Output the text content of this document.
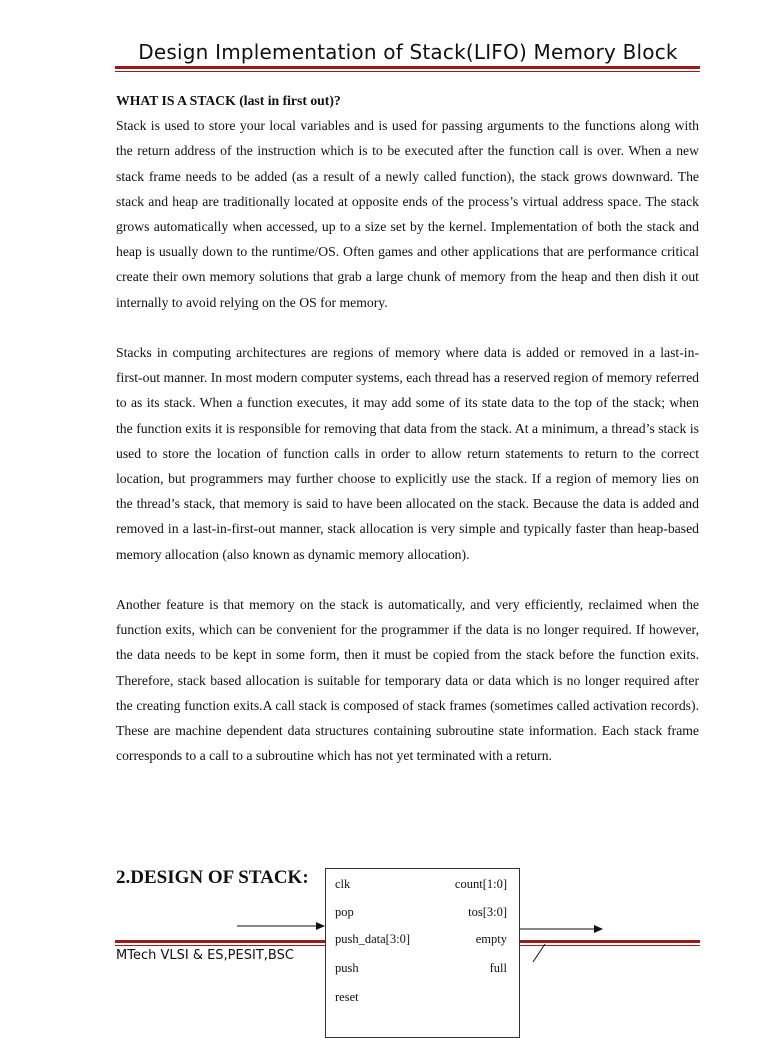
Design Implementation of Stack(LIFO) Memory Block
WHAT IS A STACK (last in first out)?

Stack is used to store your local variables and is used for passing arguments to the functions along with the return address of the instruction which is to be executed after the function call is over. When a new stack frame needs to be added (as a result of a newly called function), the stack grows downward. The stack and heap are traditionally located at opposite ends of the process’s virtual address space. The stack grows automatically when accessed, up to a size set by the kernel. Implementation of both the stack and heap is usually down to the runtime/OS. Often games and other applications that are performance critical create their own memory solutions that grab a large chunk of memory from the heap and then dish it out internally to avoid relying on the OS for memory.

Stacks in computing architectures are regions of memory where data is added or removed in a last-in-first-out manner. In most modern computer systems, each thread has a reserved region of memory referred to as its stack. When a function executes, it may add some of its state data to the top of the stack; when the function exits it is responsible for removing that data from the stack. At a minimum, a thread’s stack is used to store the location of function calls in order to allow return statements to return to the correct location, but programmers may further choose to explicitly use the stack. If a region of memory lies on the thread’s stack, that memory is said to have been allocated on the stack. Because the data is added and removed in a last-in-first-out manner, stack allocation is very simple and typically faster than heap-based memory allocation (also known as dynamic memory allocation).

Another feature is that memory on the stack is automatically, and very efficiently, reclaimed when the function exits, which can be convenient for the programmer if the data is no longer required. If however, the data needs to be kept in some form, then it must be copied from the stack before the function exits. Therefore, stack based allocation is suitable for temporary data or data which is no longer required after the creating function exits.A call stack is composed of stack frames (sometimes called activation records). These are machine dependent data structures containing subroutine state information. Each stack frame corresponds to a call to a subroutine which has not yet terminated with a return.

2.DESIGN OF STACK:
MTech VLSI & ES,PESIT,BSC
clk
pop
push_data[3:0]
push
reset
count[1:0]
tos[3:0]
empty
full
